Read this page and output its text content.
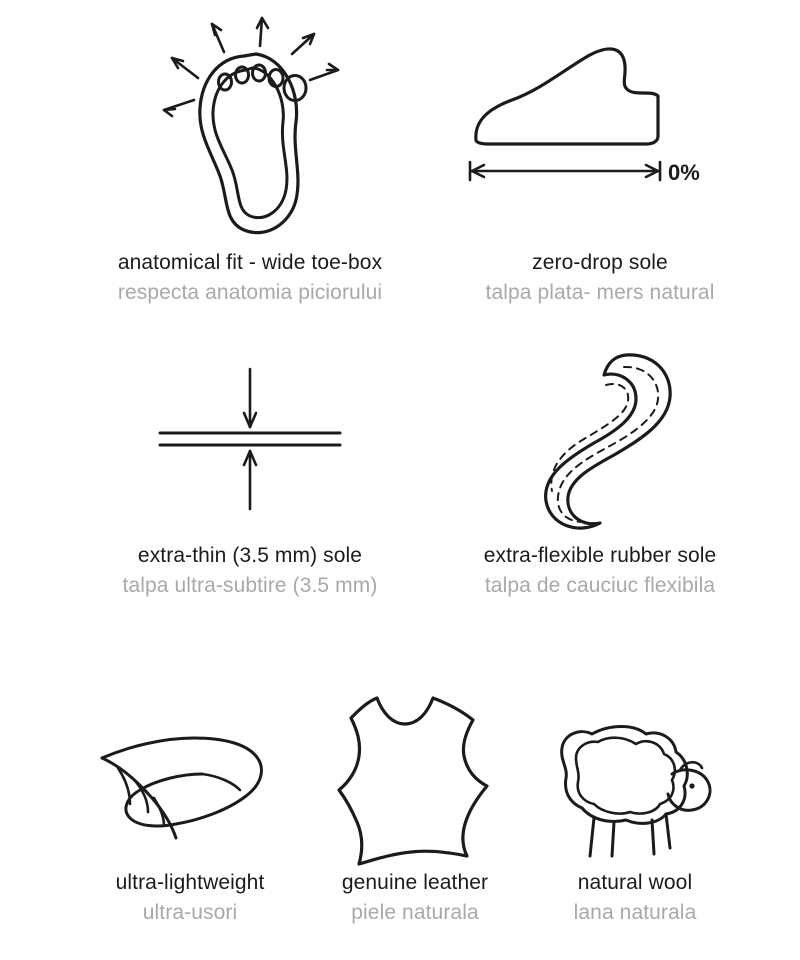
anatomical fit - wide toe-box
respecta anatomia piciorului
0%
zero-drop sole
talpa plata- mers natural
extra-thin (3.5 mm) sole
talpa ultra-subtire (3.5 mm)
extra-flexible rubber sole
talpa de cauciuc flexibila
ultra-lightweight
ultra-usori
genuine leather
piele naturala
natural wool
lana naturala
